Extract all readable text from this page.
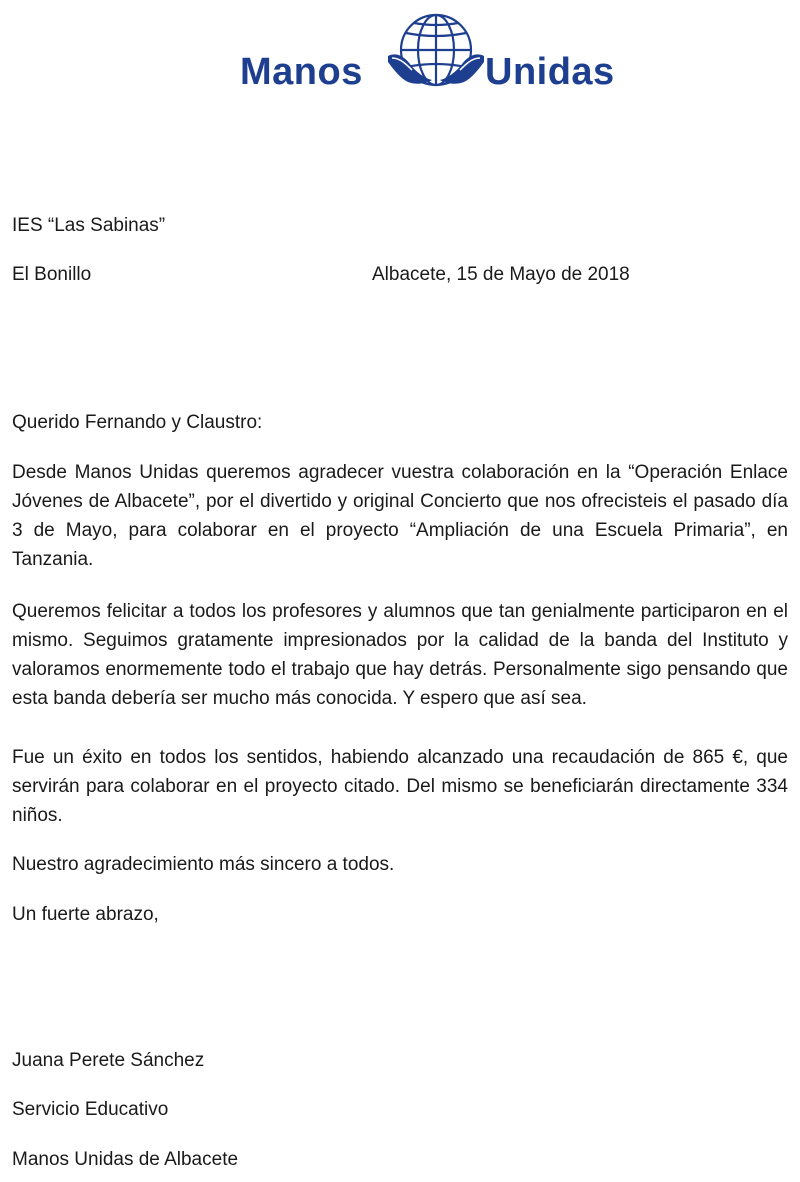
Manos	Unidas
IES “Las Sabinas”
El Bonillo	Albacete, 15 de Mayo de 2018
Querido Fernando y Claustro:
Desde Manos Unidas queremos agradecer vuestra colaboración en la “Operación Enlace Jóvenes de Albacete”, por el divertido y original Concierto que nos ofrecisteis el pasado día 3 de Mayo, para colaborar en el proyecto “Ampliación de una Escuela Primaria”, en Tanzania.
Queremos felicitar a todos los profesores y alumnos que tan genialmente participaron en el mismo. Seguimos gratamente impresionados por la calidad de la banda del Instituto y valoramos enormemente todo el trabajo que hay detrás. Personalmente sigo pensando que esta banda debería ser mucho más conocida. Y espero que así sea.
Fue un éxito en todos los sentidos, habiendo alcanzado una recaudación de 865 €, que servirán para colaborar en el proyecto citado. Del mismo se beneficiarán directamente 334 niños.
Nuestro agradecimiento más sincero a todos.
Un fuerte abrazo,
Juana Perete Sánchez
Servicio Educativo
Manos Unidas de Albacete
